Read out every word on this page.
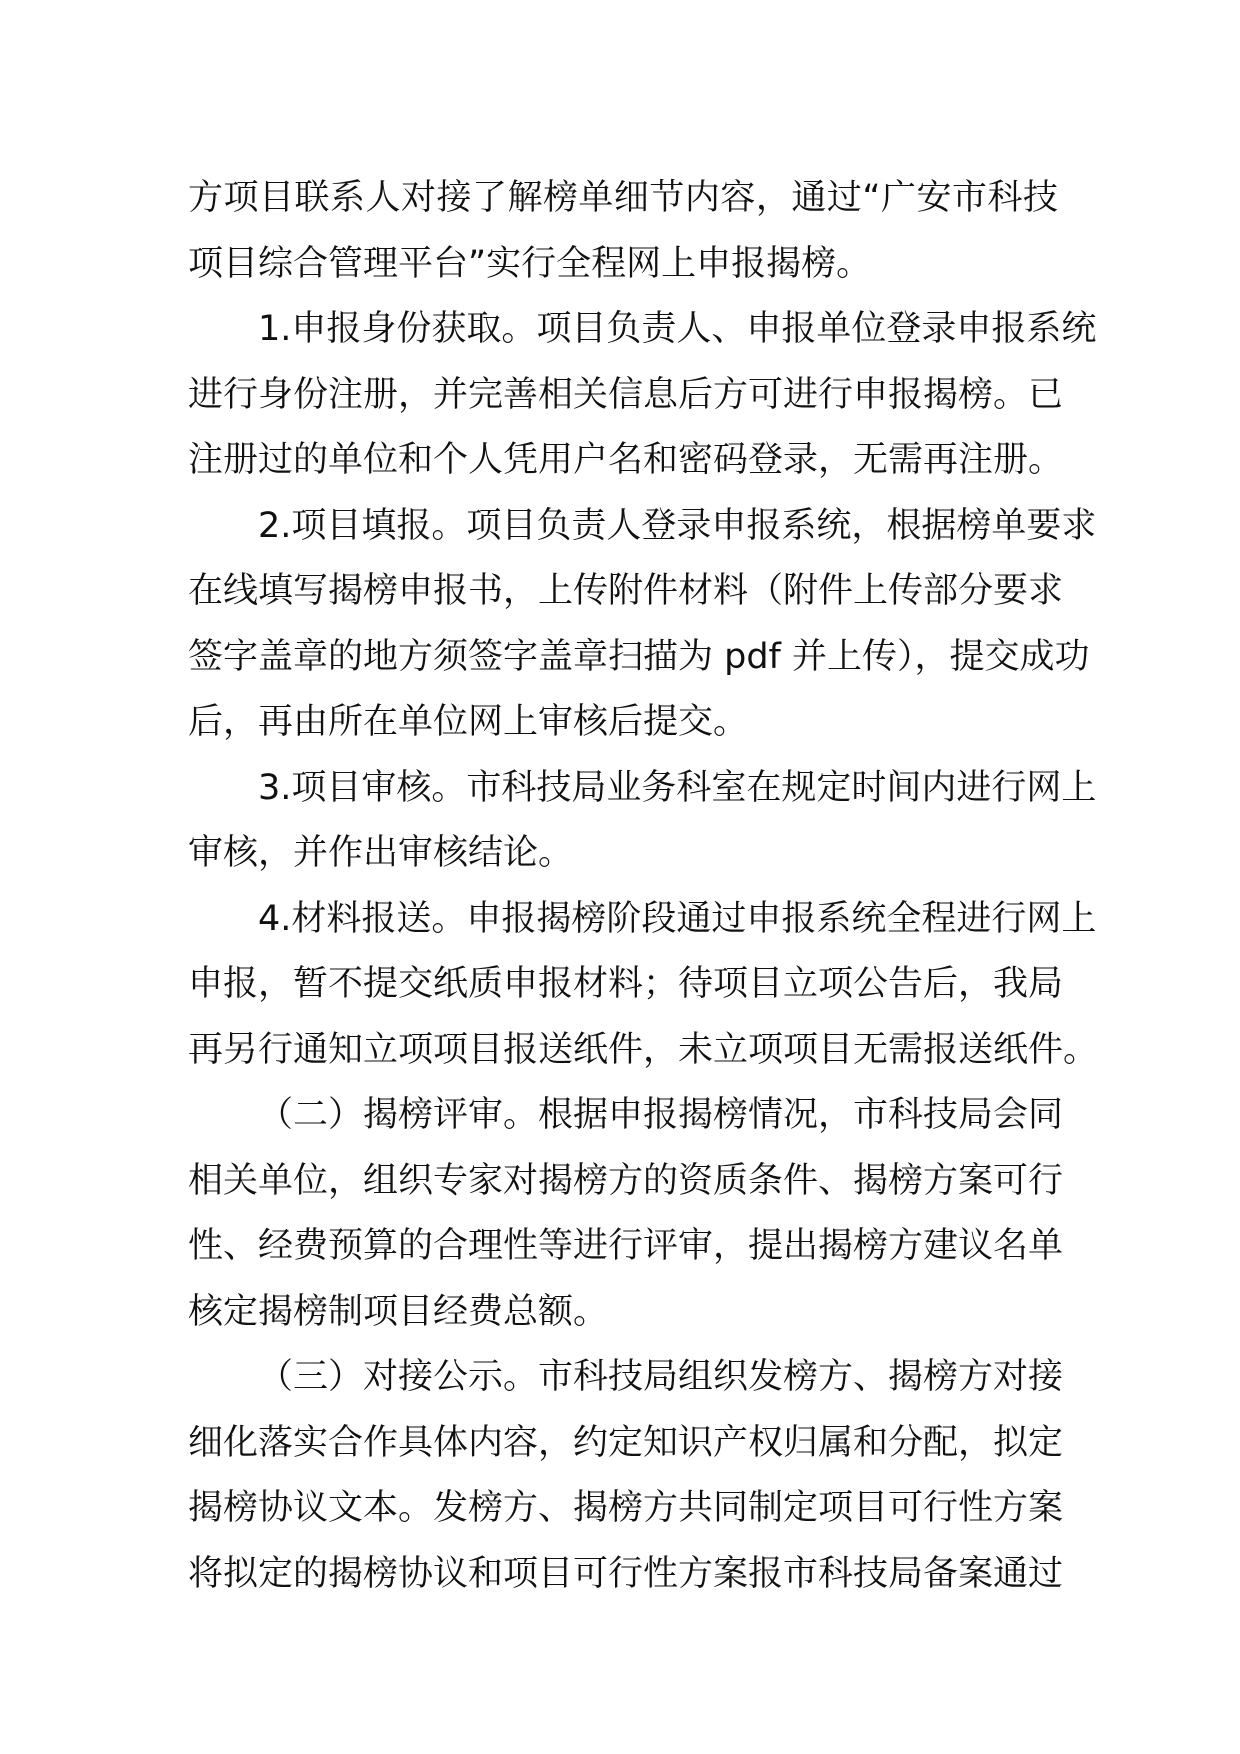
方项目联系人对接了解榜单细节内容，通过“广安市科技
项目综合管理平台”实行全程网上申报揭榜。
1.申报身份获取。项目负责人、申报单位登录申报系统
进行身份注册，并完善相关信息后方可进行申报揭榜。已
注册过的单位和个人凭用户名和密码登录，无需再注册。
2.项目填报。项目负责人登录申报系统，根据榜单要求
在线填写揭榜申报书，上传附件材料（附件上传部分要求
签字盖章的地方须签字盖章扫描为 pdf 并上传），提交成功
后，再由所在单位网上审核后提交。
3.项目审核。市科技局业务科室在规定时间内进行网上
审核，并作出审核结论。
4.材料报送。申报揭榜阶段通过申报系统全程进行网上
申报，暂不提交纸质申报材料；待项目立项公告后，我局
再另行通知立项项目报送纸件，未立项项目无需报送纸件。
（二）揭榜评审。根据申报揭榜情况，市科技局会同
相关单位，组织专家对揭榜方的资质条件、揭榜方案可行
性、经费预算的合理性等进行评审，提出揭榜方建议名单
核定揭榜制项目经费总额。
（三）对接公示。市科技局组织发榜方、揭榜方对接
细化落实合作具体内容，约定知识产权归属和分配，拟定
揭榜协议文本。发榜方、揭榜方共同制定项目可行性方案
将拟定的揭榜协议和项目可行性方案报市科技局备案通过
